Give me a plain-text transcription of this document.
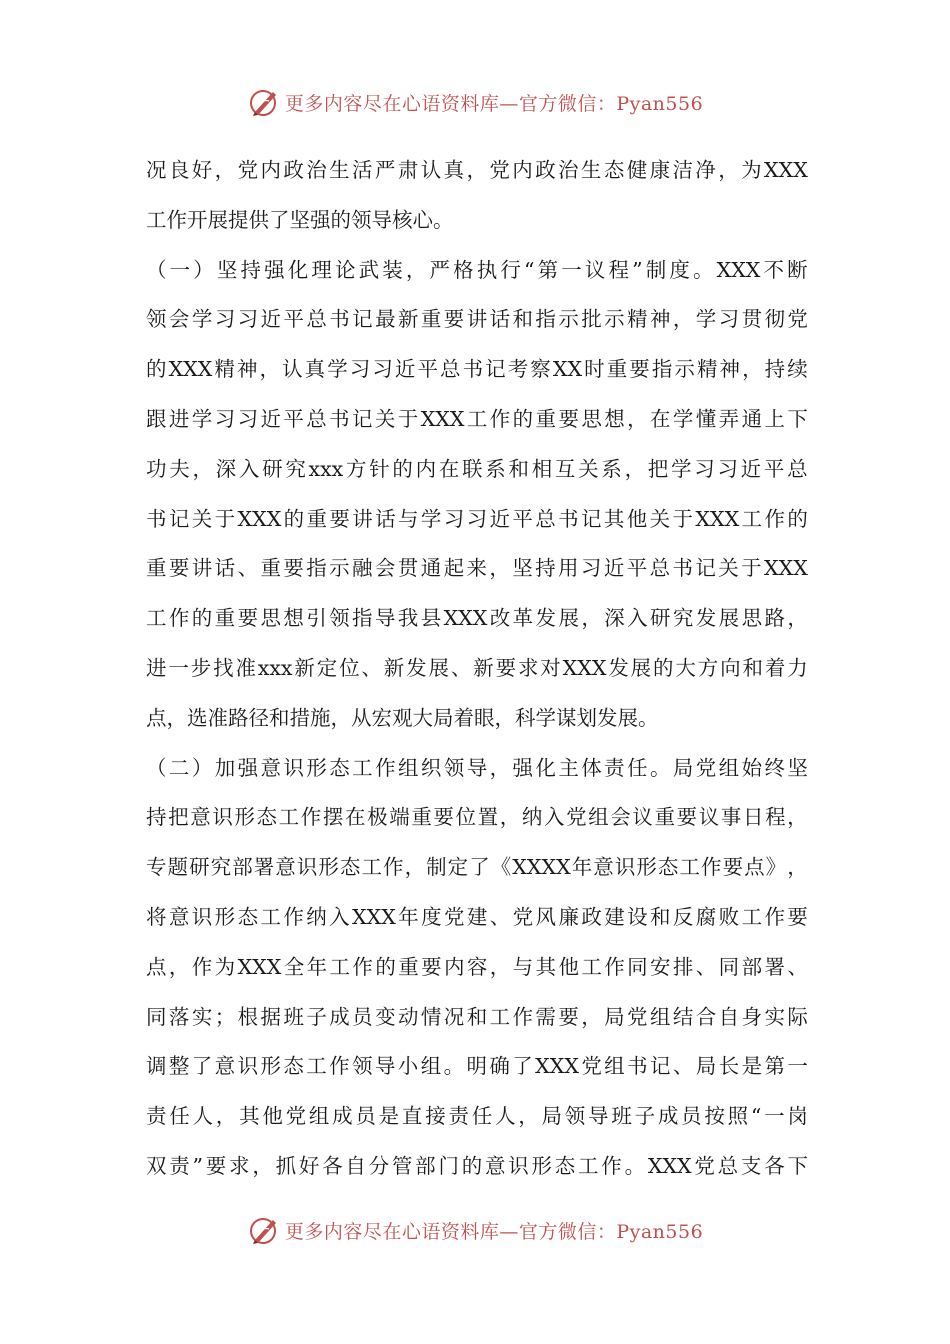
更多内容尽在心语资料库—官方微信：Pyan556
况 良 好 ， 党 内 政 治 生 活 严 肃 认 真 ， 党 内 政 治 生 态 健 康 洁 净 ， 为 XXX
工作开展提供了坚强的领导核心。
（ 一 ） 坚 持 强 化 理 论 武 装 ， 严 格 执 行 “ 第 一 议 程 ” 制 度 。 XXX 不 断
领 会 学 习 习 近 平 总 书 记 最 新 重 要 讲 话 和 指 示 批 示 精 神 ， 学 习 贯 彻 党
的 XXX 精 神 ， 认 真 学 习 习 近 平 总 书 记 考 察 XX 时 重 要 指 示 精 神 ， 持 续
跟 进 学 习 习 近 平 总 书 记 关 于 XXX 工 作 的 重 要 思 想 ， 在 学 懂 弄 通 上 下
功 夫 ， 深 入 研 究 xxx 方 针 的 内 在 联 系 和 相 互 关 系 ， 把 学 习 习 近 平 总
书 记 关 于 XXX 的 重 要 讲 话 与 学 习 习 近 平 总 书 记 其 他 关 于 XXX 工 作 的
重 要 讲 话 、 重 要 指 示 融 会 贯 通 起 来 ， 坚 持 用 习 近 平 总 书 记 关 于 XXX
工 作 的 重 要 思 想 引 领 指 导 我 县 XXX 改 革 发 展 ， 深 入 研 究 发 展 思 路 ，
进 一 步 找 准 xxx 新 定 位 、 新 发 展 、 新 要 求 对 XXX 发 展 的 大 方 向 和 着 力
点，选准路径和措施，从宏观大局着眼，科学谋划发展。
（ 二 ） 加 强 意 识 形 态 工 作 组 织 领 导 ， 强 化 主 体 责 任 。 局 党 组 始 终 坚
持 把 意 识 形 态 工 作 摆 在 极 端 重 要 位 置 ， 纳 入 党 组 会 议 重 要 议 事 日 程 ，
专 题 研 究 部 署 意 识 形 态 工 作 ， 制 定 了 《 XXXX 年 意 识 形 态 工 作 要 点 》 ，
将 意 识 形 态 工 作 纳 入 XXX 年 度 党 建 、 党 风 廉 政 建 设 和 反 腐 败 工 作 要
点 ， 作 为 XXX 全 年 工 作 的 重 要 内 容 ， 与 其 他 工 作 同 安 排 、 同 部 署 、
同 落 实 ； 根 据 班 子 成 员 变 动 情 况 和 工 作 需 要 ， 局 党 组 结 合 自 身 实 际
调 整 了 意 识 形 态 工 作 领 导 小 组 。 明 确 了 XXX 党 组 书 记 、 局 长 是 第 一
责 任 人 ， 其 他 党 组 成 员 是 直 接 责 任 人 ， 局 领 导 班 子 成 员 按 照 “ 一 岗
双 责 ” 要 求 ， 抓 好 各 自 分 管 部 门 的 意 识 形 态 工 作 。 XXX 党 总 支 各 下
更多内容尽在心语资料库—官方微信：Pyan556
